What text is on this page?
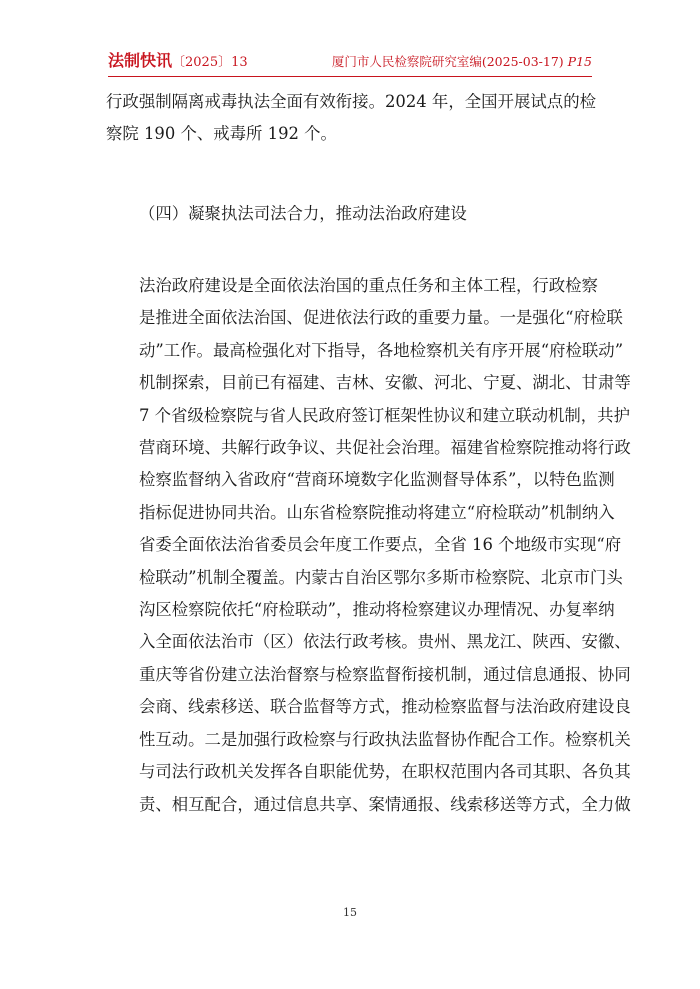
法制快讯〔2025〕13	厦门市人民检察院研究室编(2025-03-17) P15

行政强制隔离戒毒执法全面有效衔接。2024 年，全国开展试点的检
察院 190 个、戒毒所 192 个。

（四）凝聚执法司法合力，推动法治政府建设

法治政府建设是全面依法治国的重点任务和主体工程，行政检察
是推进全面依法治国、促进依法行政的重要力量。一是强化“府检联
动”工作。最高检强化对下指导，各地检察机关有序开展“府检联动”
机制探索，目前已有福建、吉林、安徽、河北、宁夏、湖北、甘肃等
7 个省级检察院与省人民政府签订框架性协议和建立联动机制，共护
营商环境、共解行政争议、共促社会治理。福建省检察院推动将行政
检察监督纳入省政府“营商环境数字化监测督导体系”，以特色监测
指标促进协同共治。山东省检察院推动将建立“府检联动”机制纳入
省委全面依法治省委员会年度工作要点，全省 16 个地级市实现“府
检联动”机制全覆盖。内蒙古自治区鄂尔多斯市检察院、北京市门头
沟区检察院依托“府检联动”，推动将检察建议办理情况、办复率纳
入全面依法治市（区）依法行政考核。贵州、黑龙江、陕西、安徽、
重庆等省份建立法治督察与检察监督衔接机制，通过信息通报、协同
会商、线索移送、联合监督等方式，推动检察监督与法治政府建设良
性互动。二是加强行政检察与行政执法监督协作配合工作。检察机关
与司法行政机关发挥各自职能优势，在职权范围内各司其职、各负其
责、相互配合，通过信息共享、案情通报、线索移送等方式，全力做

15
